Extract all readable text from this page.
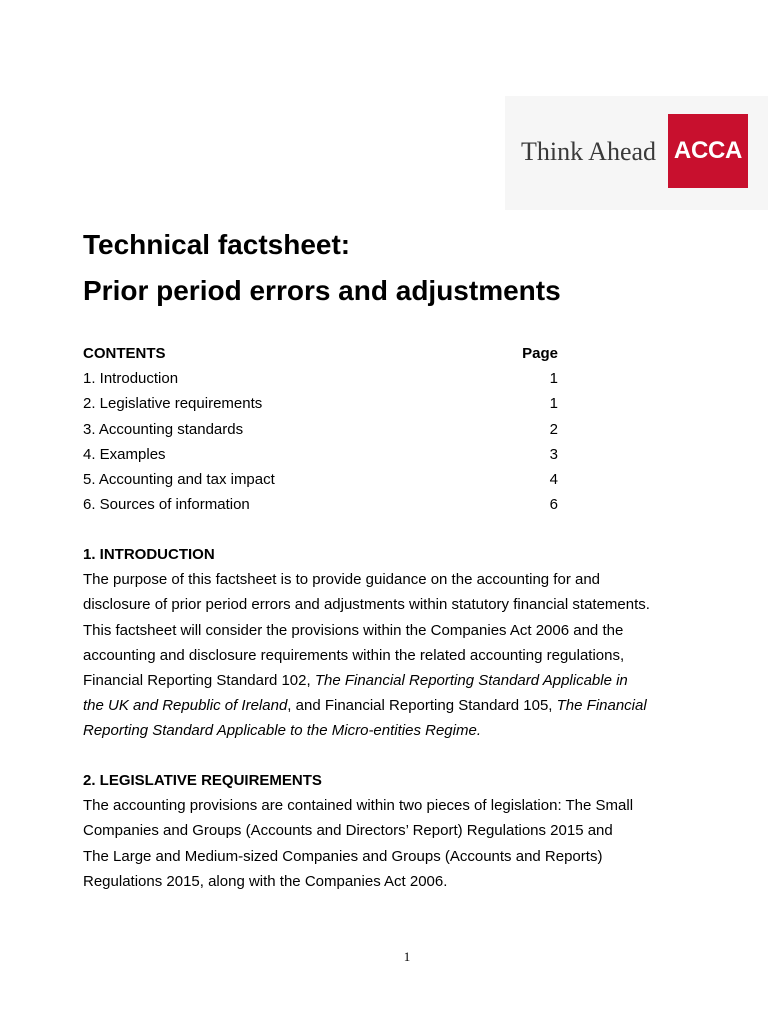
Think Ahead ACCA
Technical factsheet:
Prior period errors and adjustments
CONTENTS	Page
1. Introduction	1
2. Legislative requirements	1
3. Accounting standards	2
4. Examples	3
5. Accounting and tax impact	4
6. Sources of information	6
1. INTRODUCTION
The purpose of this factsheet is to provide guidance on the accounting for and
disclosure of prior period errors and adjustments within statutory financial statements.
This factsheet will consider the provisions within the Companies Act 2006 and the
accounting and disclosure requirements within the related accounting regulations,
Financial Reporting Standard 102, The Financial Reporting Standard Applicable in
the UK and Republic of Ireland, and Financial Reporting Standard 105, The Financial
Reporting Standard Applicable to the Micro-entities Regime.
2. LEGISLATIVE REQUIREMENTS
The accounting provisions are contained within two pieces of legislation: The Small
Companies and Groups (Accounts and Directors’ Report) Regulations 2015 and
The Large and Medium-sized Companies and Groups (Accounts and Reports)
Regulations 2015, along with the Companies Act 2006.
1
